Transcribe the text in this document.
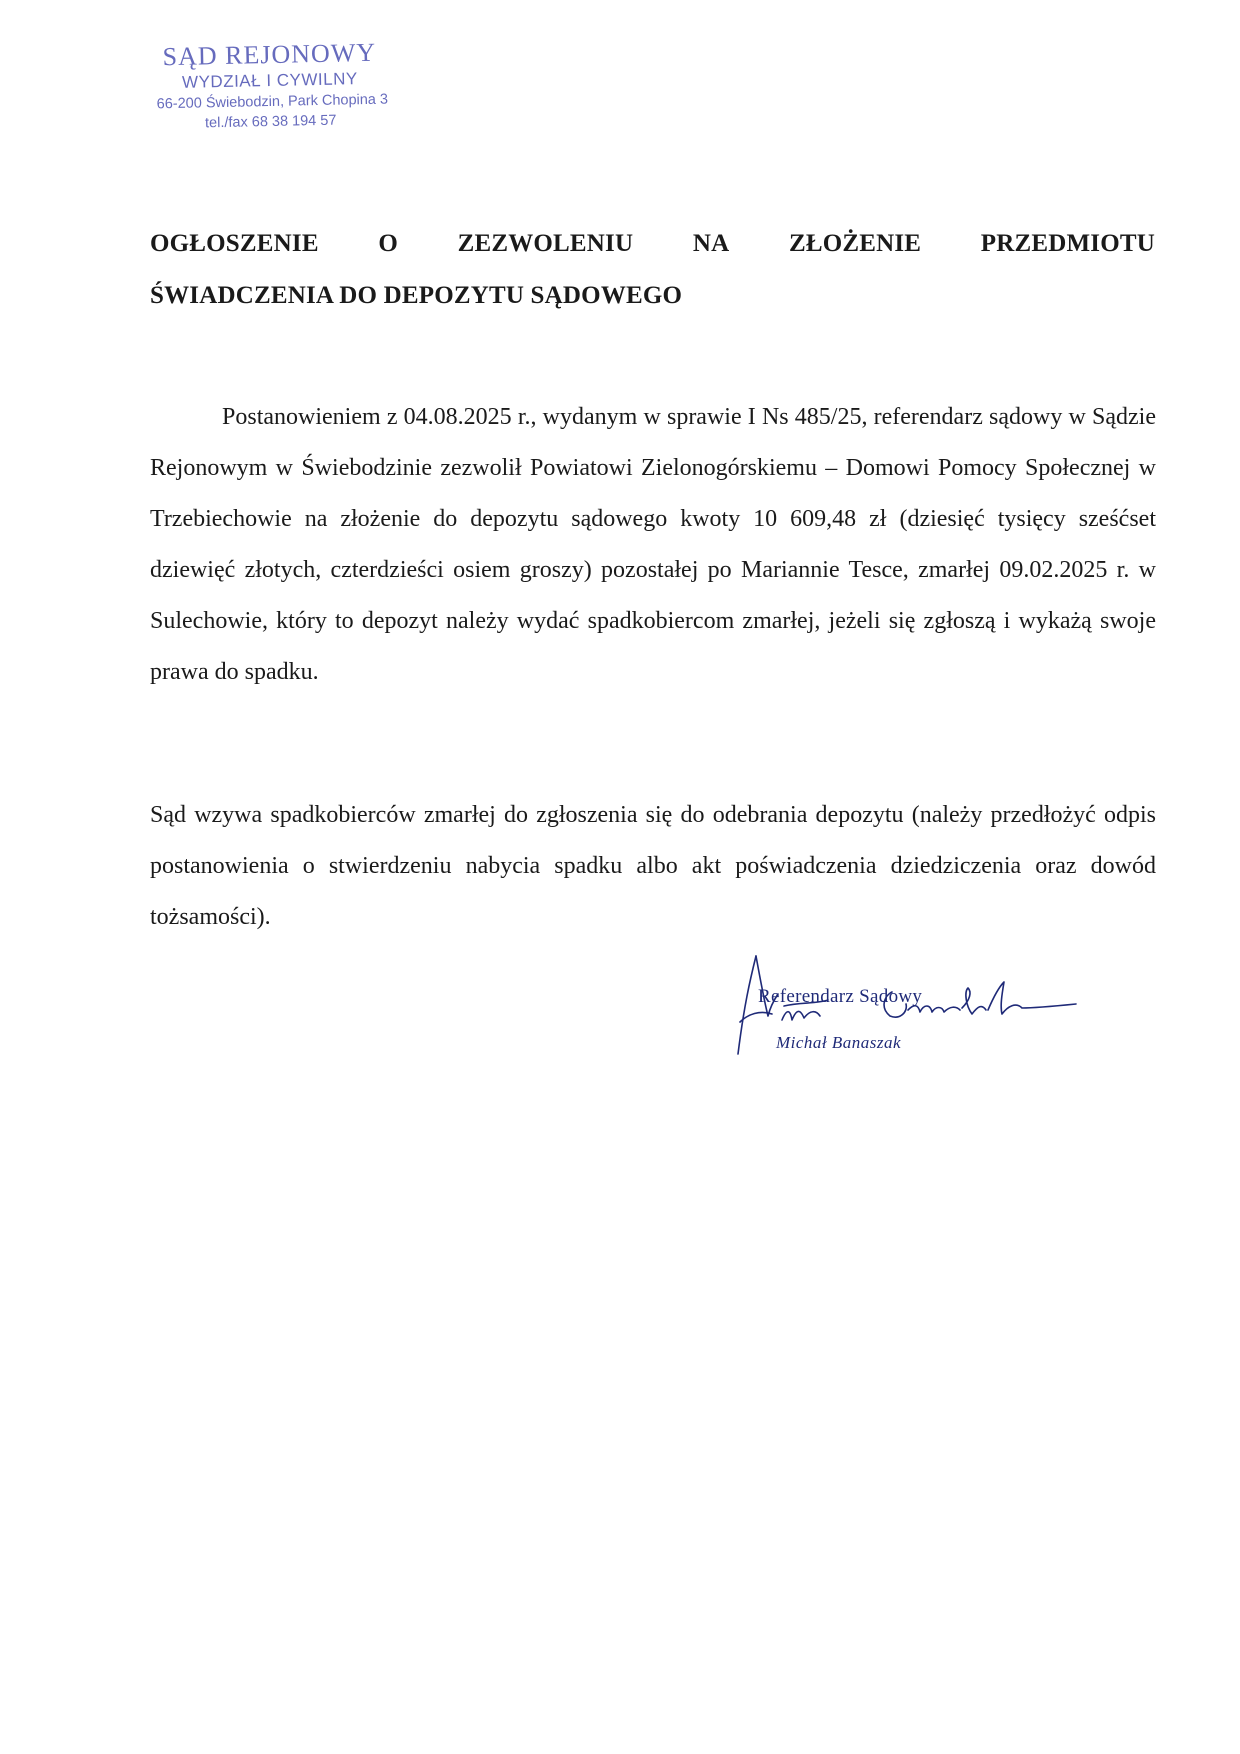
SĄD REJONOWY
WYDZIAŁ I CYWILNY
66-200 Świebodzin, Park Chopina 3
tel./fax 68 38 194 57
OGŁOSZENIE O ZEZWOLENIU NA ZŁOŻENIE PRZEDMIOTU
ŚWIADCZENIA DO DEPOZYTU SĄDOWEGO

Postanowieniem z 04.08.2025 r., wydanym w sprawie I Ns 485/25, referendarz sądowy w Sądzie Rejonowym w Świebodzinie zezwolił Powiatowi Zielonogórskiemu – Domowi Pomocy Społecznej w Trzebiechowie na złożenie do depozytu sądowego kwoty 10 609,48 zł (dziesięć tysięcy sześćset dziewięć złotych, czterdzieści osiem groszy) pozostałej po Mariannie Tesce, zmarłej 09.02.2025 r. w Sulechowie, który to depozyt należy wydać spadkobiercom zmarłej, jeżeli się zgłoszą i wykażą swoje prawa do spadku.

Sąd wzywa spadkobierców zmarłej do zgłoszenia się do odebrania depozytu (należy przedłożyć odpis postanowienia o stwierdzeniu nabycia spadku albo akt poświadczenia dziedziczenia oraz dowód tożsamości).

Referendarz Sądowy
Michał Banaszak
